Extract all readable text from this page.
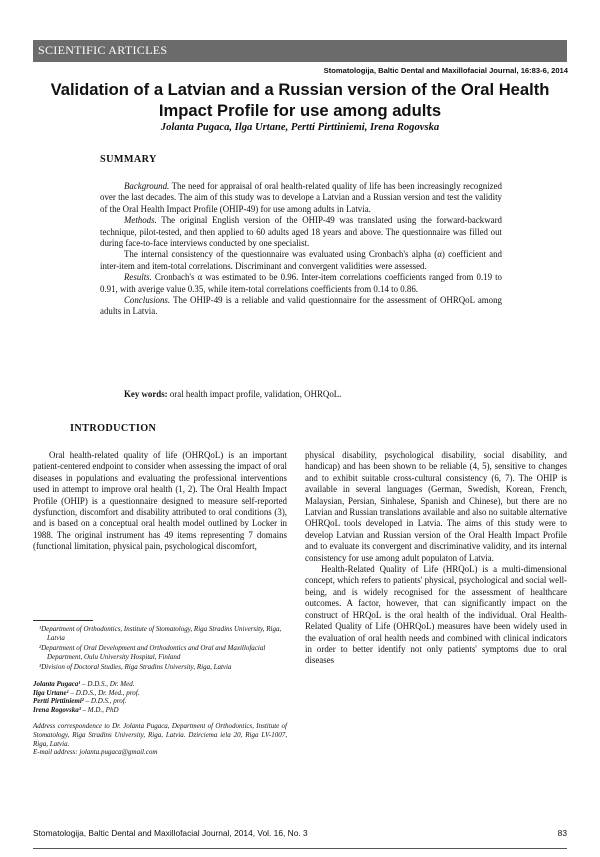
SCIENTIFIC ARTICLES
Stomatologija, Baltic Dental and Maxillofacial Journal, 16:83-6, 2014
Validation of a Latvian and a Russian version of the Oral Health Impact Profile for use among adults
Jolanta Pugaca, Ilga Urtane, Pertti Pirttiniemi, Irena Rogovska
SUMMARY

Background. The need for appraisal of oral health-related quality of life has been increasingly recognized over the last decades. The aim of this study was to develope a Latvian and a Russian version and test the validity of the Oral Health Impact Profile (OHIP-49) for use among adults in Latvia.

Methods. The original English version of the OHIP-49 was translated using the forward-backward technique, pilot-tested, and then applied to 60 adults aged 18 years and above. The questionnaire was filled out during face-to-face interviews conducted by one specialist.

The internal consistency of the questionnaire was evaluated using Cronbach's alpha (α) coefficient and inter-item and item-total correlations. Discriminant and convergent validities were assessed.

Results. Cronbach's α was estimated to be 0.96. Inter-item correlations coefficients ranged from 0.19 to 0.91, with averige value 0.35, while item-total correlations coefficients from 0.14 to 0.86.

Conclusions. The OHIP-49 is a reliable and valid questionnaire for the assessment of OHRQoL among adults in Latvia.

Key words: oral health impact profile, validation, OHRQoL.

INTRODUCTION

Oral health-related quality of life (OHRQoL) is an important patient-centered endpoint to consider when assessing the impact of oral diseases in populations and evaluating the professional interventions used in attempt to improve oral health (1, 2). The Oral Health Impact Profile (OHIP) is a questionnaire designed to measure self-reported dysfunction, discomfort and disability attributed to oral conditions (3), and is based on a conceptual oral health model outlined by Locker in 1988. The original instrument has 49 items representing 7 domains (functional limitation, physical pain, psychological discomfort,

physical disability, psychological disability, social disability, and handicap) and has been shown to be reliable (4, 5), sensitive to changes and to exhibit suitable cross-cultural consistency (6, 7). The OHIP is available in several languages (German, Swedish, Korean, French, Malaysian, Persian, Sinhalese, Spanish and Chinese), but there are no Latvian and Russian translations available and also no suitable alternative OHRQoL tools developed in Latvia. The aims of this study were to develop Latvian and Russian version of the Oral Health Impact Profile and to evaluate its convergent and discriminative validity, and its internal consistency for use among adult populaton of Latvia.

Health-Related Quality of Life (HRQoL) is a multi-dimensional concept, which refers to patients' physical, psychological and social well-being, and is widely recognised for the assessment of healthcare outcomes. A factor, however, that can significantly impact on the construct of HRQoL is the oral health of the individual. Oral Health-Related Quality of Life (OHRQoL) measures have been widely used in the evaluation of oral health needs and combined with clinical indicators in order to better identify not only patients' symptoms due to oral diseases

¹Department of Orthodontics, Institute of Stomatology, Riga Stradins University, Riga, Latvia

²Department of Oral Development and Orthodontics and Oral and Maxillofacial Department, Oulu University Hospital, Finland

³Division of Doctoral Studies, Riga Stradins University, Riga, Latvia

Jolanta Pugaca¹ – D.D.S., Dr. Med.

Ilga Urtane¹ – D.D.S., Dr. Med., prof.

Pertti Pirttiniemi² – D.D.S., prof.

Irena Rogovska³ – M.D., PhD

Address correspondence to Dr. Jolanta Pugaca, Department of Orthodontics, Institute of Stomatology, Riga Stradins University, Riga, Latvia. Dzirciema iela 20, Riga LV-1007, Riga, Latvia.

E-mail address: jolanta.pugaca@gmail.com

Stomatologija, Baltic Dental and Maxillofacial Journal, 2014, Vol. 16, No. 3	83
